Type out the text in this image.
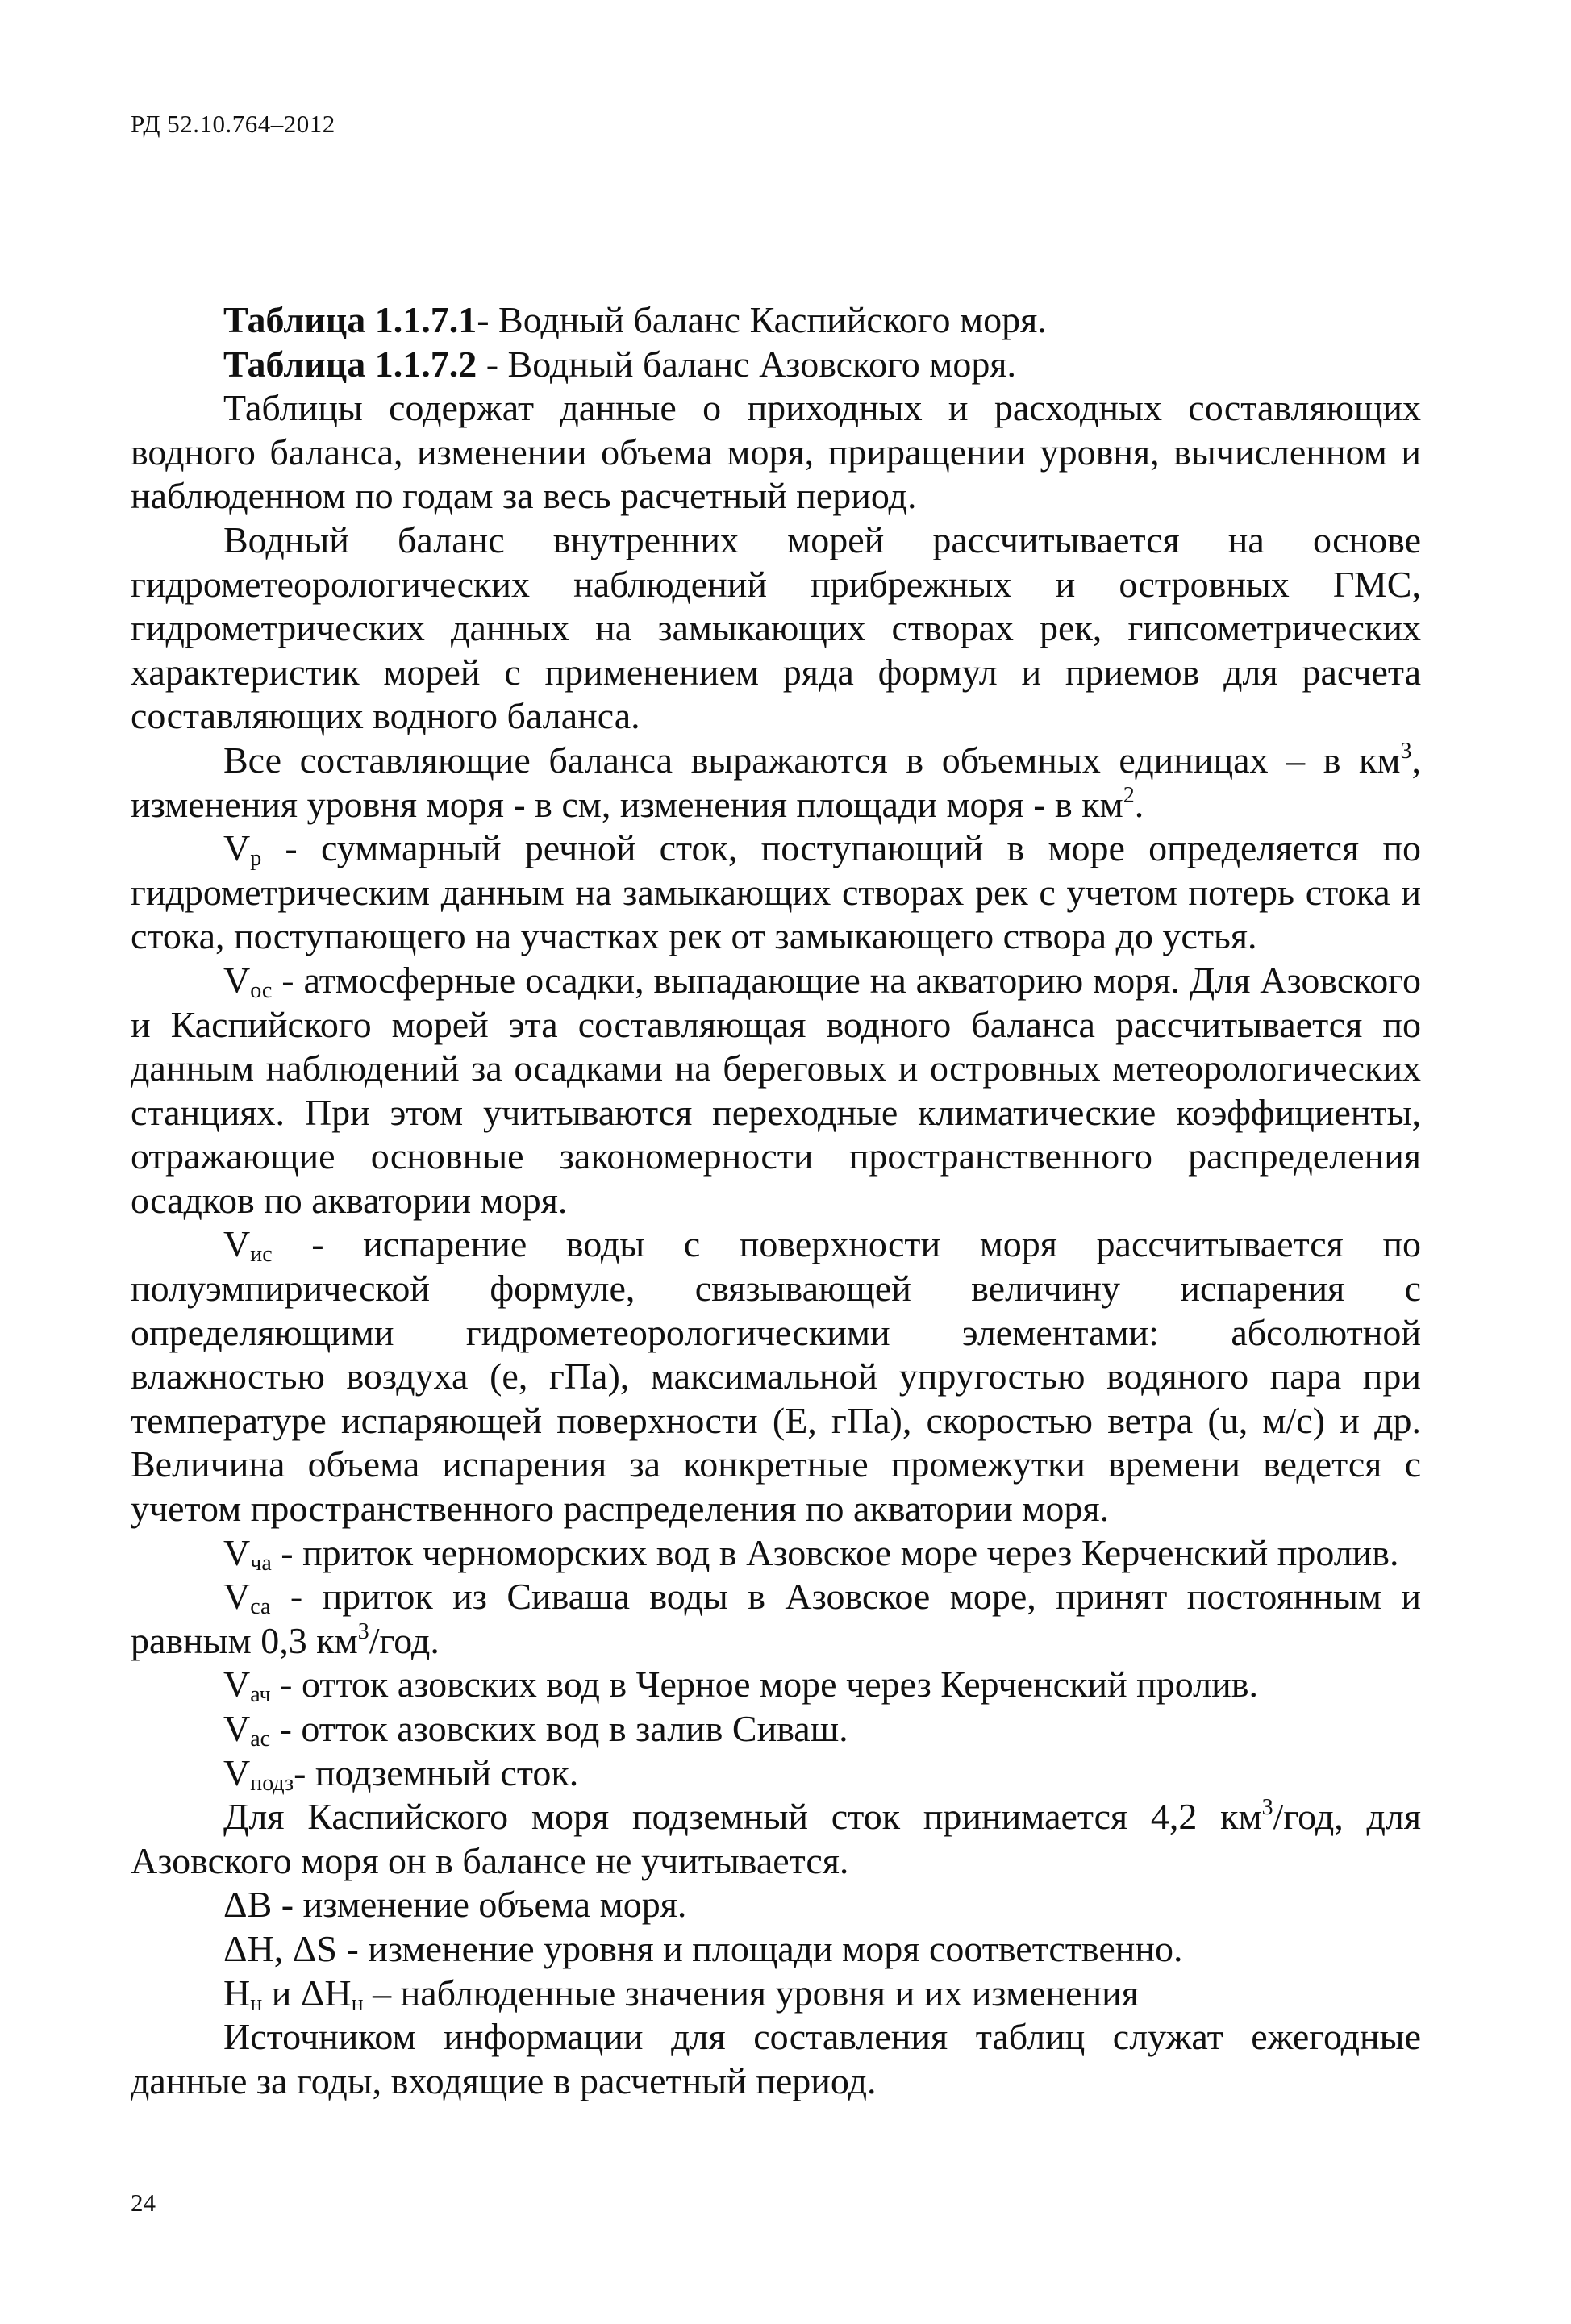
РД 52.10.764–2012

Таблица 1.1.7.1- Водный баланс Каспийского моря.

Таблица 1.1.7.2 - Водный баланс Азовского моря.

Таблицы содержат данные о приходных и расходных составляющих водного баланса, изменении объема моря, приращении уровня, вычисленном и наблюденном по годам за весь расчетный период.

Водный баланс внутренних морей рассчитывается на основе гидрометеорологических наблюдений прибрежных и островных ГМС, гидрометрических данных на замыкающих створах рек, гипсометрических характеристик морей с применением ряда формул и приемов для расчета составляющих водного баланса.

Все составляющие баланса выражаются в объемных единицах – в $км^3$, изменения уровня моря - в см, изменения площади моря - в $км^2$.

$V_р$ - суммарный речной сток, поступающий в море определяется по гидрометрическим данным на замыкающих створах рек с учетом потерь стока и стока, поступающего на участках рек от замыкающего створа до устья.

$V_{ос}$ - атмосферные осадки, выпадающие на акваторию моря. Для Азовского и Каспийского морей эта составляющая водного баланса рассчитывается по данным наблюдений за осадками на береговых и островных метеорологических станциях. При этом учитываются переходные климатические коэффициенты, отражающие основные закономерности пространственного распределения осадков по акватории моря.

$V_{ис}$ - испарение воды с поверхности моря рассчитывается по полуэмпирической формуле, связывающей величину испарения с определяющими гидрометеорологическими элементами: абсолютной влажностью воздуха (е, гПа), максимальной упругостью водяного пара при температуре испаряющей поверхности (Е, гПа), скоростью ветра (u, м/с) и др. Величина объема испарения за конкретные промежутки времени ведется с учетом пространственного распределения по акватории моря.

$V_{ча}$ - приток черноморских вод в Азовское море через Керченский пролив.

$V_{са}$ - приток из Сиваша воды в Азовское море, принят постоянным и равным 0,3 $км^3$/год.

$V_{ач}$ - отток азовских вод в Черное море через Керченский пролив.

$V_{ас}$ - отток азовских вод в залив Сиваш.

$V_{подз}-$ подземный сток.

Для Каспийского моря подземный сток принимается 4,2 $км^3$/год, для Азовского моря он в балансе не учитывается.

ΔB - изменение объема моря.

ΔH, ΔS - изменение уровня и площади моря соответственно.

$H_н$ и $\Delta H_н$ – наблюденные значения уровня и их изменения

Источником информации для составления таблиц служат ежегодные данные за годы, входящие в расчетный период.

24
